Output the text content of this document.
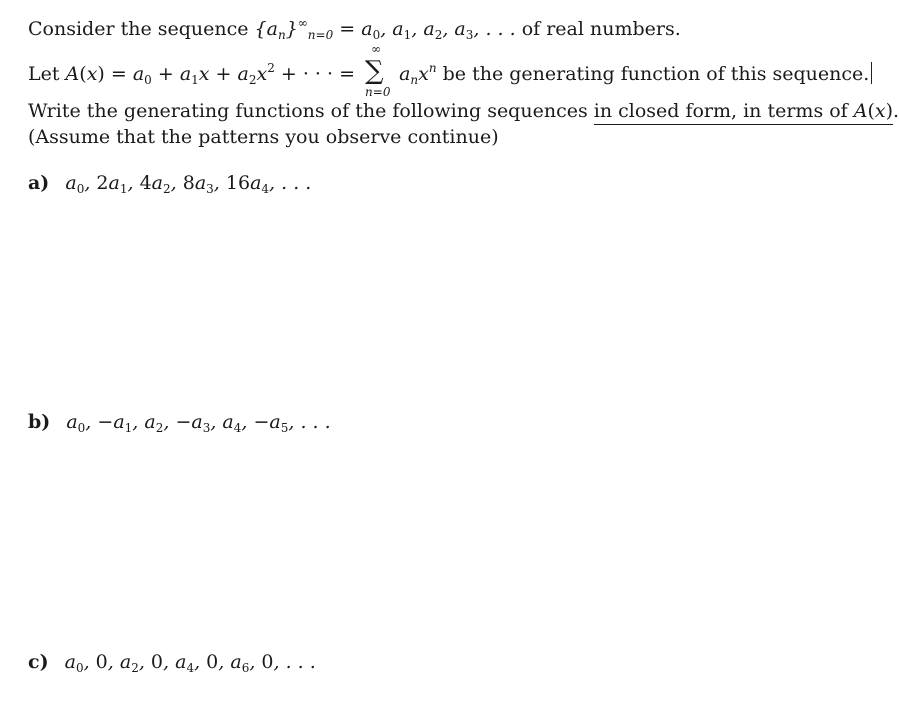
Consider the sequence $\{a_n\}^\infty_{n=0} = a_0$, $a_1$, $a_2$, $a_3$, . . . of real numbers.
Let $A(x) = a_0 + a_1x + a_2x^2$ + · · · =
∞
∑
n=0
$a_nx^n$ be the generating function of this sequence.
Write the generating functions of the following sequences in closed form, in terms of A(x).
(Assume that the patterns you observe continue)
a) $a_0$, $2a_1$, $4a_2$, $8a_3$, $16a_4$, . . .
b) $a_0$, $-a_1$, $a_2$, $-a_3$, $a_4$, $-a_5$, . . .
c) $a_0$, 0, $a_2$, 0, $a_4$, 0, $a_6$, 0, . . .
